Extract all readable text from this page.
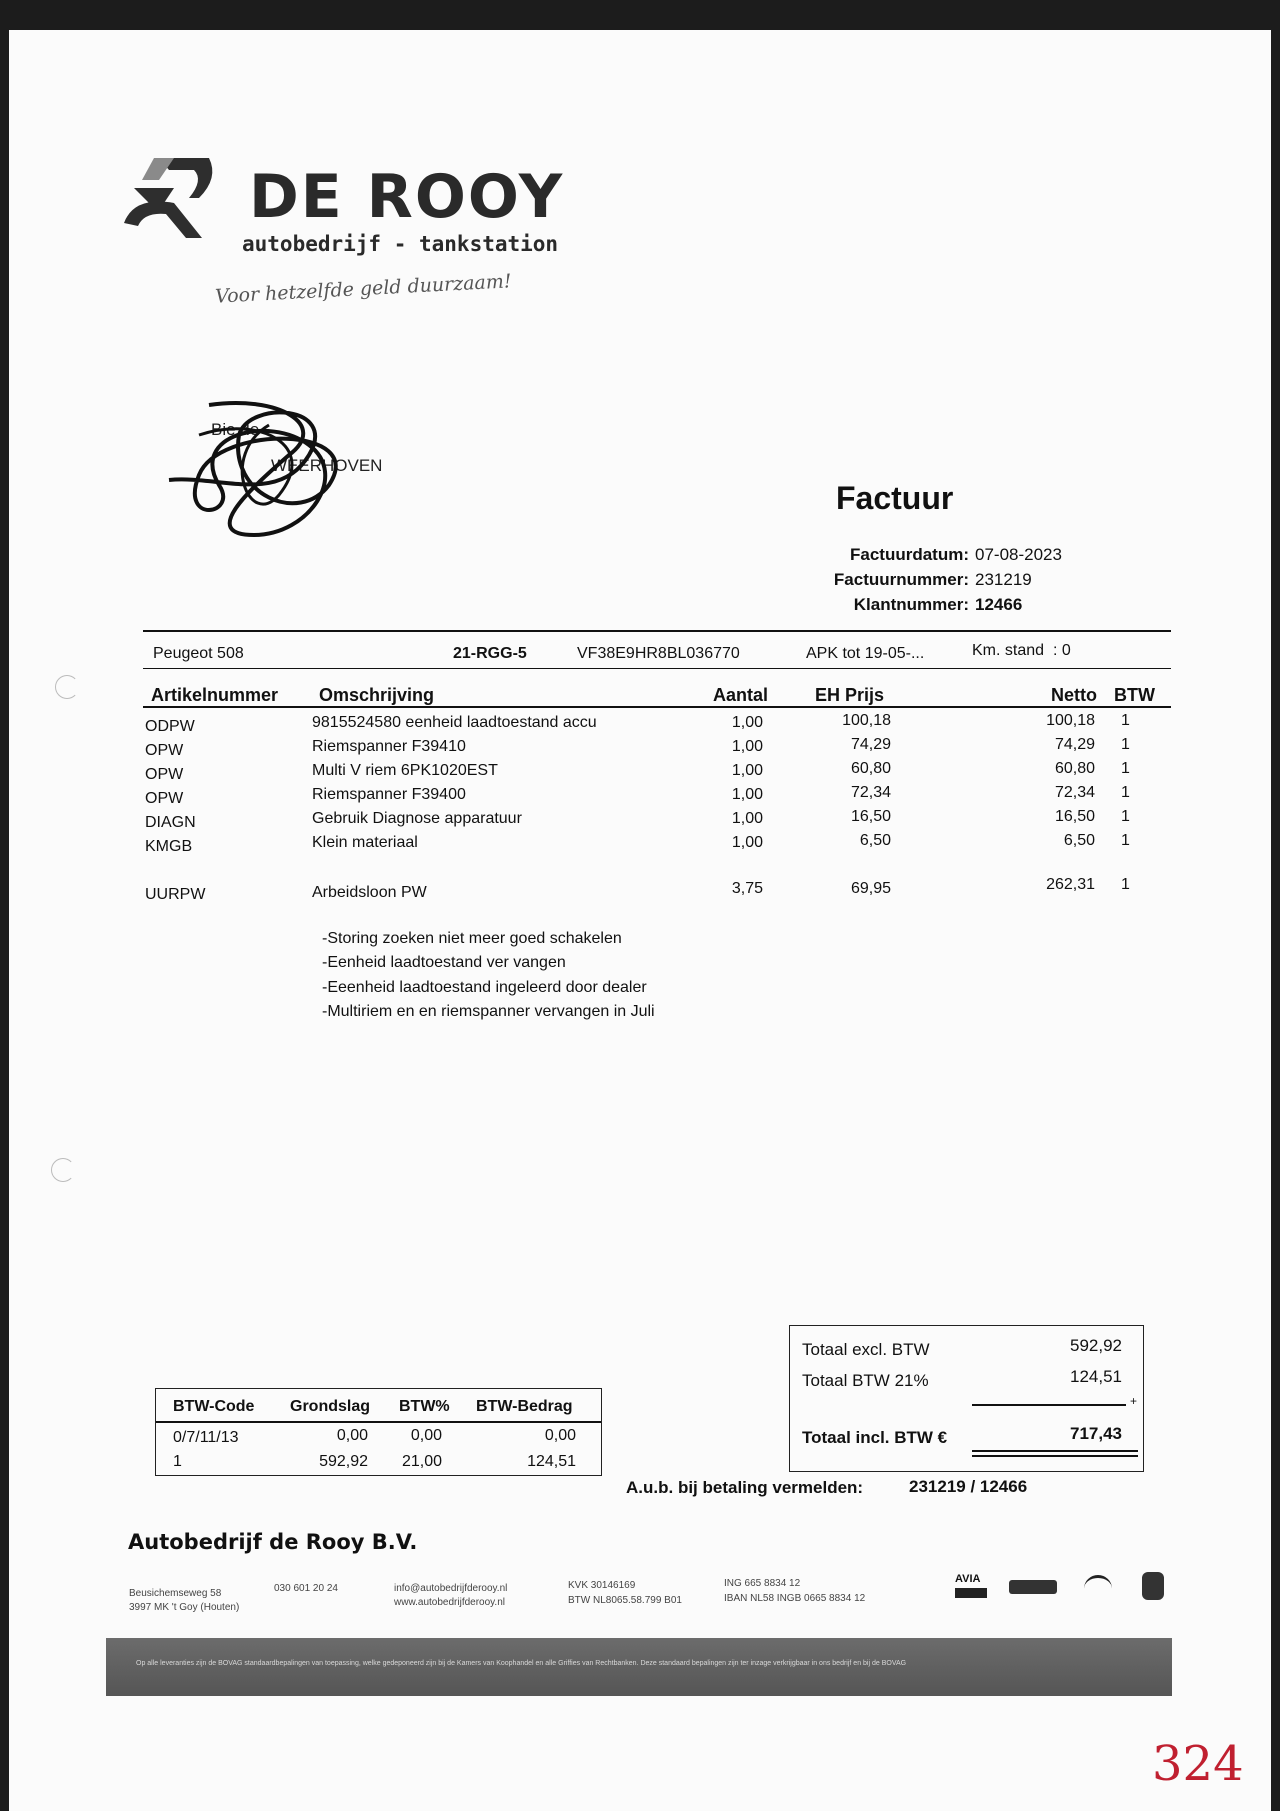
DE ROOY
autobedrijf - tankstation
Voor hetzelfde geld duurzaam!
Bie de
WEERHOVEN
Factuur
Factuurdatum: 07-08-2023
Factuurnummer: 231219
Klantnummer: 12466
Peugeot 508	21-RGG-5	VF38E9HR8BL036770	APK tot 19-05-...	Km. stand : 0
Artikelnummer Omschrijving	Aantal	EH Prijs	Netto BTW
ODPW	9815524580 eenheid laadtoestand accu	1,00	100,18	100,18 1
OPW	Riemspanner F39410	1,00	74,29	74,29 1
OPW	Multi V riem 6PK1020EST	1,00	60,80	60,80 1
OPW	Riemspanner F39400	1,00	72,34	72,34 1
DIAGN	Gebruik Diagnose apparatuur	1,00	16,50	16,50 1
KMGB	Klein materiaal	1,00	6,50	6,50 1
UURPW	Arbeidsloon PW	3,75	69,95	262,31 1
-Storing zoeken niet meer goed schakelen
-Eenheid laadtoestand ver vangen
-Eeenheid laadtoestand ingeleerd door dealer
-Multiriem en en riemspanner vervangen in Juli
Totaal excl. BTW	592,92
Totaal BTW 21%	124,51
+
Totaal incl. BTW €	717,43
BTW-Code Grondslag BTW% BTW-Bedrag
0/7/11/13	0,00	0,00	0,00
1	592,92	21,00	124,51
A.u.b. bij betaling vermelden:	231219 / 12466
Autobedrijf de Rooy B.V.
Beusichemseweg 58
3997 MK 't Goy (Houten)
030 601 20 24	info@autobedrijfderooy.nl
www.autobedrijfderooy.nl
KVK 30146169
BTW NL8065.58.799 B01
ING 665 8834 12
IBAN NL58 INGB 0665 8834 12
AVIA
Op alle leveranties zijn de BOVAG standaardbepalingen van toepassing, welke gedeponeerd zijn bij de Kamers van Koophandel en alle Griffies van Rechtbanken. Deze standaard bepalingen zijn ter inzage verkrijgbaar in ons bedrijf en bij de BOVAG
324
